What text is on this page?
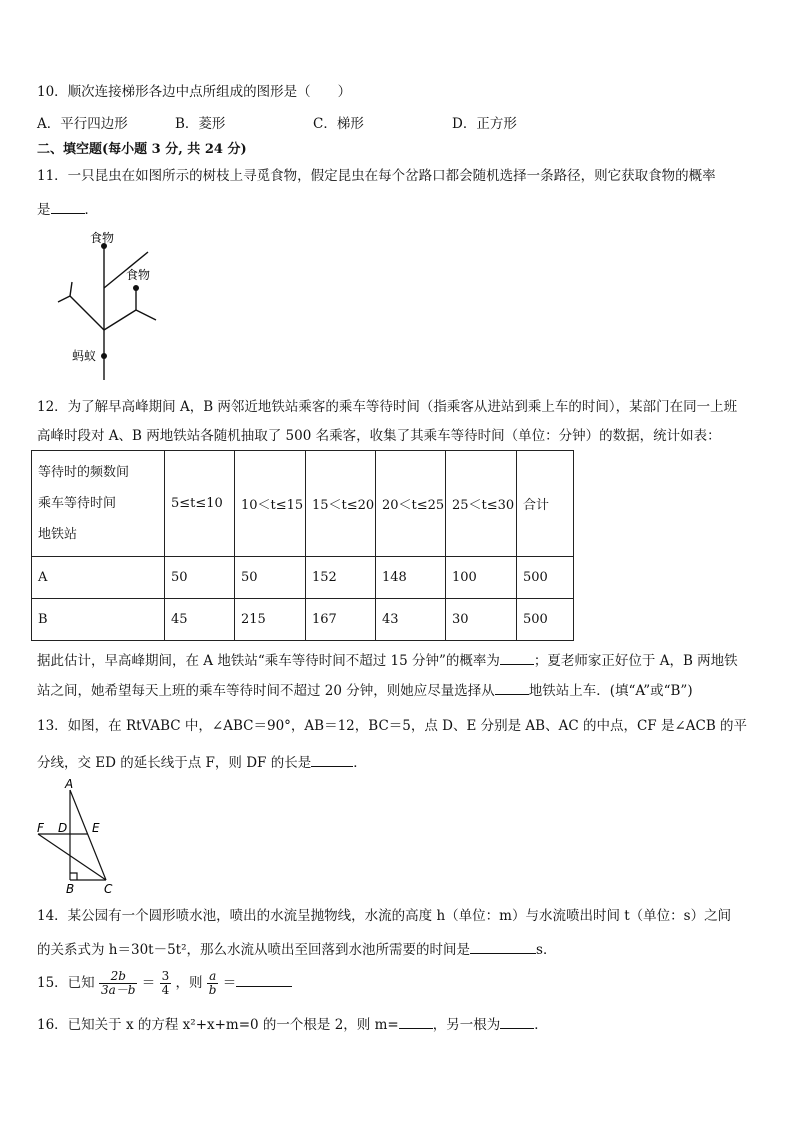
10．顺次连接梯形各边中点所组成的图形是（　　）
A．平行四边形	B．菱形	C．梯形	D．正方形
二、填空题(每小题 3 分, 共 24 分)
11．一只昆虫在如图所示的树枝上寻觅食物，假定昆虫在每个岔路口都会随机选择一条路径，则它获取食物的概率
是	．
食物
食物
蚂蚁
12．为了解早高峰期间 A，B 两邻近地铁站乘客的乘车等待时间（指乘客从进站到乘上车的时间），某部门在同一上班
高峰时段对 A、B 两地铁站各随机抽取了 500 名乘客，收集了其乘车等待时间（单位：分钟）的数据，统计如表：
等待时的频数间
乘车等待时间
地铁站	5≤t≤10	10＜t≤15	15＜t≤20	20＜t≤25	25＜t≤30	合计
A	50	50	152	148	100	500
B	45	215	167	43	30	500
据此估计，早高峰期间，在 A 地铁站“乘车等待时间不超过 15 分钟”的概率为	；夏老师家正好位于 A，B 两地铁
站之间，她希望每天上班的乘车等待时间不超过 20 分钟，则她应尽量选择从	地铁站上车．(填“A”或“B”)
13．如图，在 RtVABC 中，∠ABC＝90°，AB＝12，BC＝5，点 D、E 分别是 AB、AC 的中点，CF 是∠ACB 的平
分线，交 ED 的延长线于点 F，则 DF 的长是	．
A
B C
D E
F
14．某公园有一个圆形喷水池，喷出的水流呈抛物线，水流的高度 h（单位：m）与水流喷出时间 t（单位：s）之间
的关系式为 h＝30t－5t²，那么水流从喷出至回落到水池所需要的时间是	s．
15．已知 $\frac{2b}{3a-b} = \frac{3}{4}$ ，则 $\frac{a}{b}$ ＝
16．已知关于 x 的方程 x²+x+m=0 的一个根是 2，则 m=	，另一根为	．
